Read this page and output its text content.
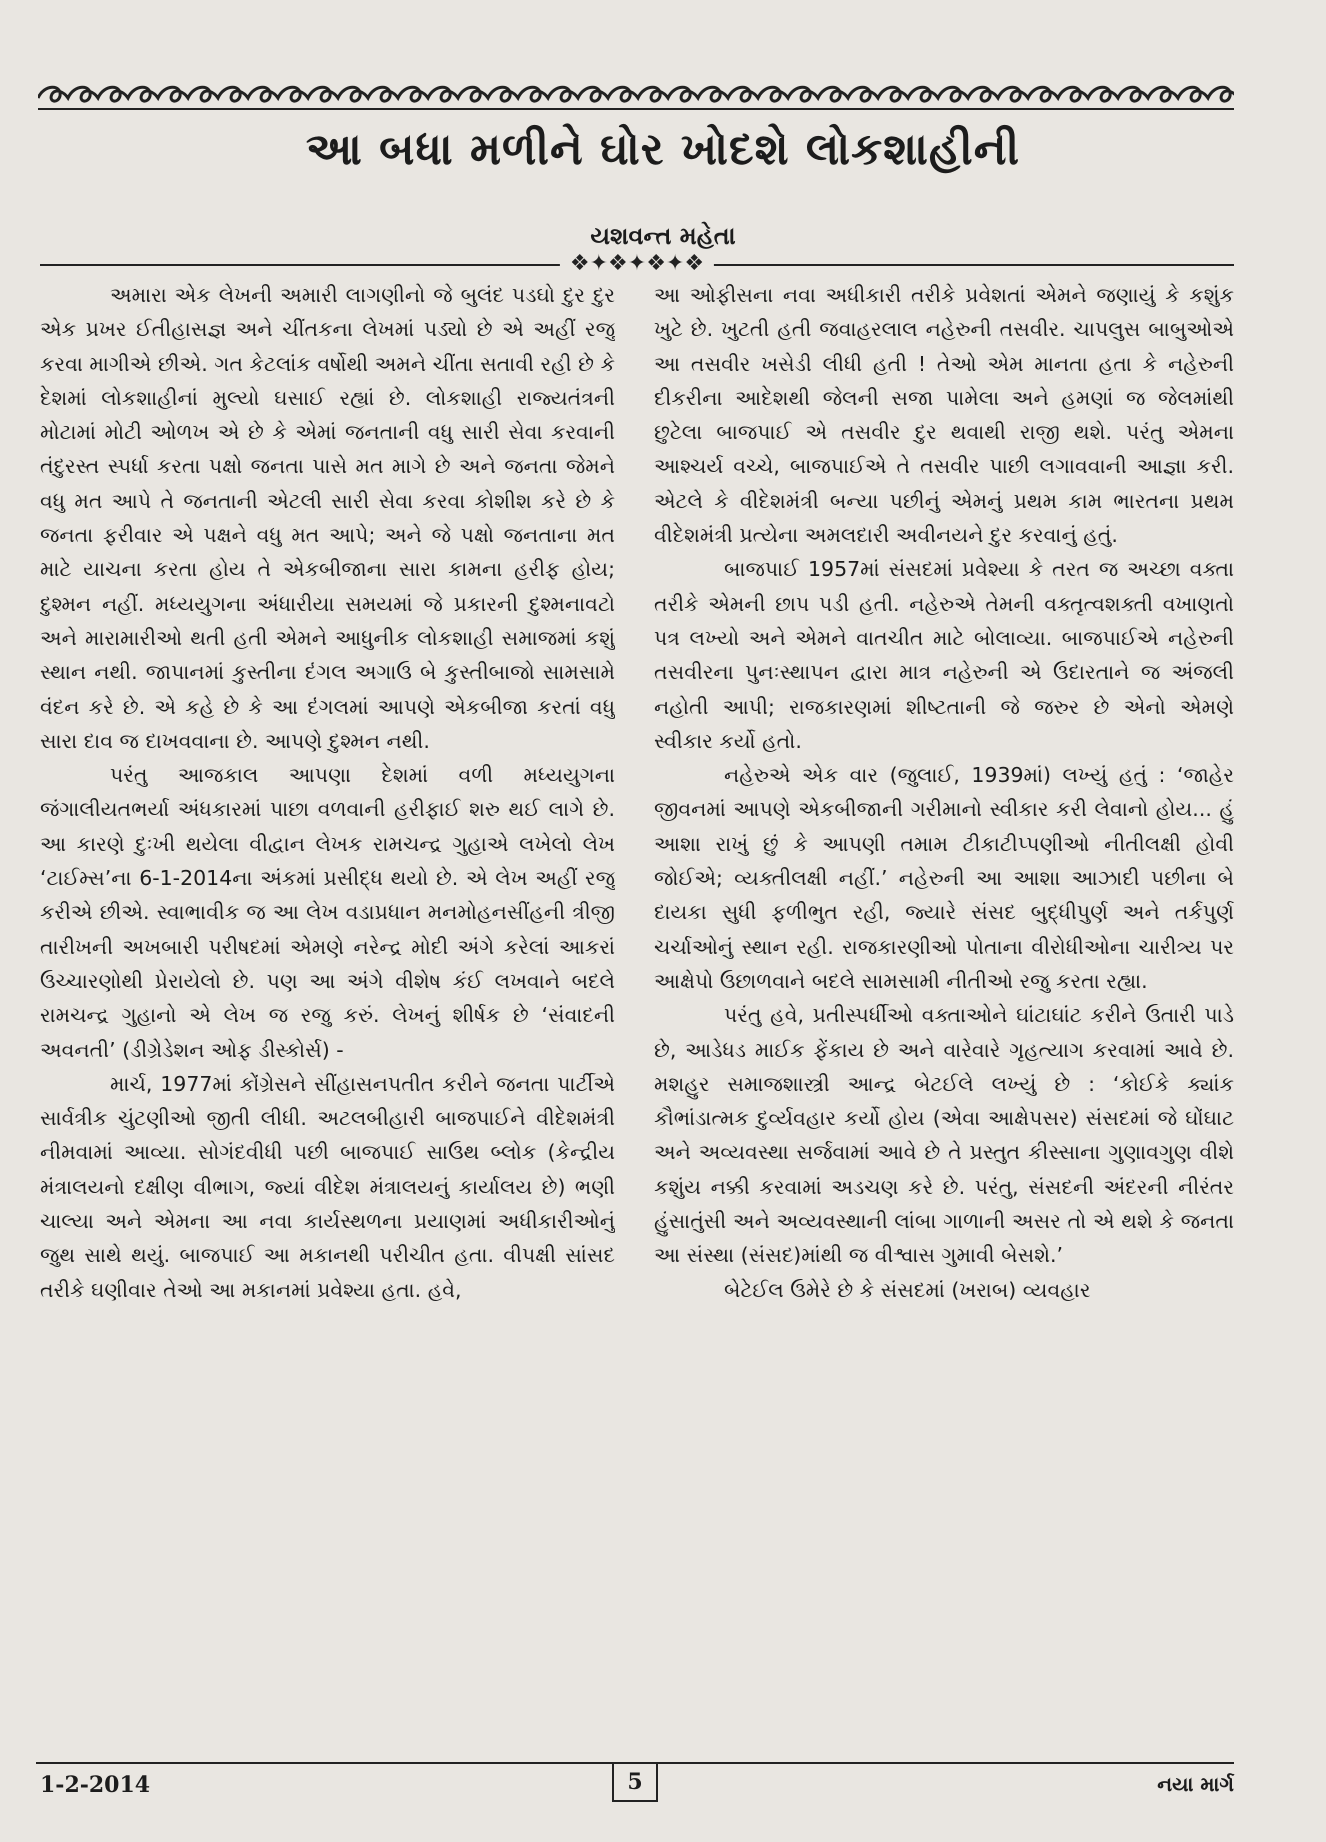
આ બધા મળીને ઘોર ખોદશે લોકશાહીની
યશવન્ત મહેતા
❖✦❖✦❖✦❖

અમારા એક લેખની અમારી લાગણીનો જે બુલંદ પડઘો દુર દુર એક પ્રખર ઈતીહાસજ્ઞ અને ચીંતકના લેખમાં પડ્યો છે એ અહીં રજુ કરવા માગીએ છીએ. ગત કેટલાંક વર્ષોથી અમને ચીંતા સતાવી રહી છે કે દેશમાં લોકશાહીનાં મુલ્યો ઘસાઈ રહ્યાં છે. લોકશાહી રાજ્યતંત્રની મોટામાં મોટી ઓળખ એ છે કે એમાં જનતાની વધુ સારી સેવા કરવાની તંદુરસ્ત સ્પર્ધા કરતા પક્ષો જનતા પાસે મત માગે છે અને જનતા જેમને વધુ મત આપે તે જનતાની એટલી સારી સેવા કરવા કોશીશ કરે છે કે જનતા ફરીવાર એ પક્ષને વધુ મત આપે; અને જે પક્ષો જનતાના મત માટે યાચના કરતા હોય તે એકબીજાના સારા કામના હરીફ હોય; દુશ્મન નહીં. મધ્યયુગના અંધારીયા સમયમાં જે પ્રકારની દુશ્મનાવટો અને મારામારીઓ થતી હતી એમને આધુનીક લોકશાહી સમાજમાં કશું સ્થાન નથી. જાપાનમાં કુસ્તીના દંગલ અગાઉ બે કુસ્તીબાજો સામસામે વંદન કરે છે. એ કહે છે કે આ દંગલમાં આપણે એકબીજા કરતાં વધુ સારા દાવ જ દાખવવાના છે. આપણે દુશ્મન નથી.

પરંતુ આજકાલ આપણા દેશમાં વળી મધ્યયુગના જંગાલીયતભર્યા અંધકારમાં પાછા વળવાની હરીફાઈ શરુ થઈ લાગે છે. આ કારણે દુઃખી થયેલા વીદ્વાન લેખક રામચન્દ્ર ગુહાએ લખેલો લેખ ‘ટાઈમ્સ’ના 6-1-2014ના અંકમાં પ્રસીદ્ધ થયો છે. એ લેખ અહીં રજુ કરીએ છીએ. સ્વાભાવીક જ આ લેખ વડાપ્રધાન મનમોહનસીંહની ત્રીજી તારીખની અખબારી પરીષદમાં એમણે નરેન્દ્ર મોદી અંગે કરેલાં આકરાં ઉચ્ચારણોથી પ્રેરાયેલો છે. પણ આ અંગે વીશેષ કંઈ લખવાને બદલે રામચન્દ્ર ગુહાનો એ લેખ જ રજુ કરું. લેખનું શીર્ષક છે ‘સંવાદની અવનતી’ (ડીગ્રેડેશન ઓફ ડીસ્કોર્સ) -

માર્ચ, 1977માં કોંગ્રેસને સીંહાસનપતીત કરીને જનતા પાર્ટીએ સાર્વત્રીક ચુંટણીઓ જીતી લીધી. અટલબીહારી બાજપાઈને વીદેશમંત્રી નીમવામાં આવ્યા. સોગંદવીધી પછી બાજપાઈ સાઉથ બ્લોક (કેન્દ્રીય મંત્રાલયનો દક્ષીણ વીભાગ, જ્યાં વીદેશ મંત્રાલયનું કાર્યાલય છે) ભણી ચાલ્યા અને એમના આ નવા કાર્યસ્થળના પ્રયાણમાં અધીકારીઓનું જુથ સાથે થયું. બાજપાઈ આ મકાનથી પરીચીત હતા. વીપક્ષી સાંસદ તરીકે ઘણીવાર તેઓ આ મકાનમાં પ્રવેશ્યા હતા. હવે,

આ ઓફીસના નવા અધીકારી તરીકે પ્રવેશતાં એમને જણાયું કે કશુંક ખુટે છે. ખુટતી હતી જવાહરલાલ નહેરુની તસવીર. ચાપલુસ બાબુઓએ આ તસવીર ખસેડી લીધી હતી ! તેઓ એમ માનતા હતા કે નહેરુની દીકરીના આદેશથી જેલની સજા પામેલા અને હમણાં જ જેલમાંથી છુટેલા બાજપાઈ એ તસવીર દુર થવાથી રાજી થશે. પરંતુ એમના આશ્ચર્ય વચ્ચે, બાજપાઈએ તે તસવીર પાછી લગાવવાની આજ્ઞા કરી. એટલે કે વીદેશમંત્રી બન્યા પછીનું એમનું પ્રથમ કામ ભારતના પ્રથમ વીદેશમંત્રી પ્રત્યેના અમલદારી અવીનયને દુર કરવાનું હતું.

બાજપાઈ 1957માં સંસદમાં પ્રવેશ્યા કે તરત જ અચ્છા વક્તા તરીકે એમની છાપ પડી હતી. નહેરુએ તેમની વક્તૃત્વશક્તી વખાણતો પત્ર લખ્યો અને એમને વાતચીત માટે બોલાવ્યા. બાજપાઈએ નહેરુની તસવીરના પુનઃસ્થાપન દ્વારા માત્ર નહેરુની એ ઉદારતાને જ અંજલી નહોતી આપી; રાજકારણમાં શીષ્ટતાની જે જરુર છે એનો એમણે સ્વીકાર કર્યો હતો.

નહેરુએ એક વાર (જુલાઈ, 1939માં) લખ્યું હતું : ‘જાહેર જીવનમાં આપણે એકબીજાની ગરીમાનો સ્વીકાર કરી લેવાનો હોય... હું આશા રાખું છું કે આપણી તમામ ટીકાટીપ્પણીઓ નીતીલક્ષી હોવી જોઈએ; વ્યક્તીલક્ષી નહીં.’ નહેરુની આ આશા આઝાદી પછીના બે દાયકા સુધી ફળીભુત રહી, જ્યારે સંસદ બુદ્ધીપુર્ણ અને તર્કપુર્ણ ચર્ચાઓનું સ્થાન રહી. રાજકારણીઓ પોતાના વીરોધીઓના ચારીત્ર્ય પર આક્ષેપો ઉછાળવાને બદલે સામસામી નીતીઓ રજુ કરતા રહ્યા.

પરંતુ હવે, પ્રતીસ્પર્ધીઓ વક્તાઓને ઘાંટાઘાંટ કરીને ઉતારી પાડે છે, આડેધડ માઈક ફેંકાય છે અને વારેવારે ગૃહત્યાગ કરવામાં આવે છે. મશહુર સમાજશાસ્ત્રી આન્દ્ર બેટઈલે લખ્યું છે : ‘કોઈકે ક્યાંક કૌભાંડાત્મક દુર્વ્યવહાર કર્યો હોય (એવા આક્ષેપસર) સંસદમાં જે ઘોંઘાટ અને અવ્યવસ્થા સર્જવામાં આવે છે તે પ્રસ્તુત કીસ્સાના ગુણાવગુણ વીશે કશુંય નક્કી કરવામાં અડચણ કરે છે. પરંતુ, સંસદની અંદરની નીરંતર હુંસાતુંસી અને અવ્યવસ્થાની લાંબા ગાળાની અસર તો એ થશે કે જનતા આ સંસ્થા (સંસદ)માંથી જ વીશ્વાસ ગુમાવી બેસશે.’

બેટેઈલ ઉમેરે છે કે સંસદમાં (ખરાબ) વ્યવહાર

1-2-2014	5	નયા માર્ગ
